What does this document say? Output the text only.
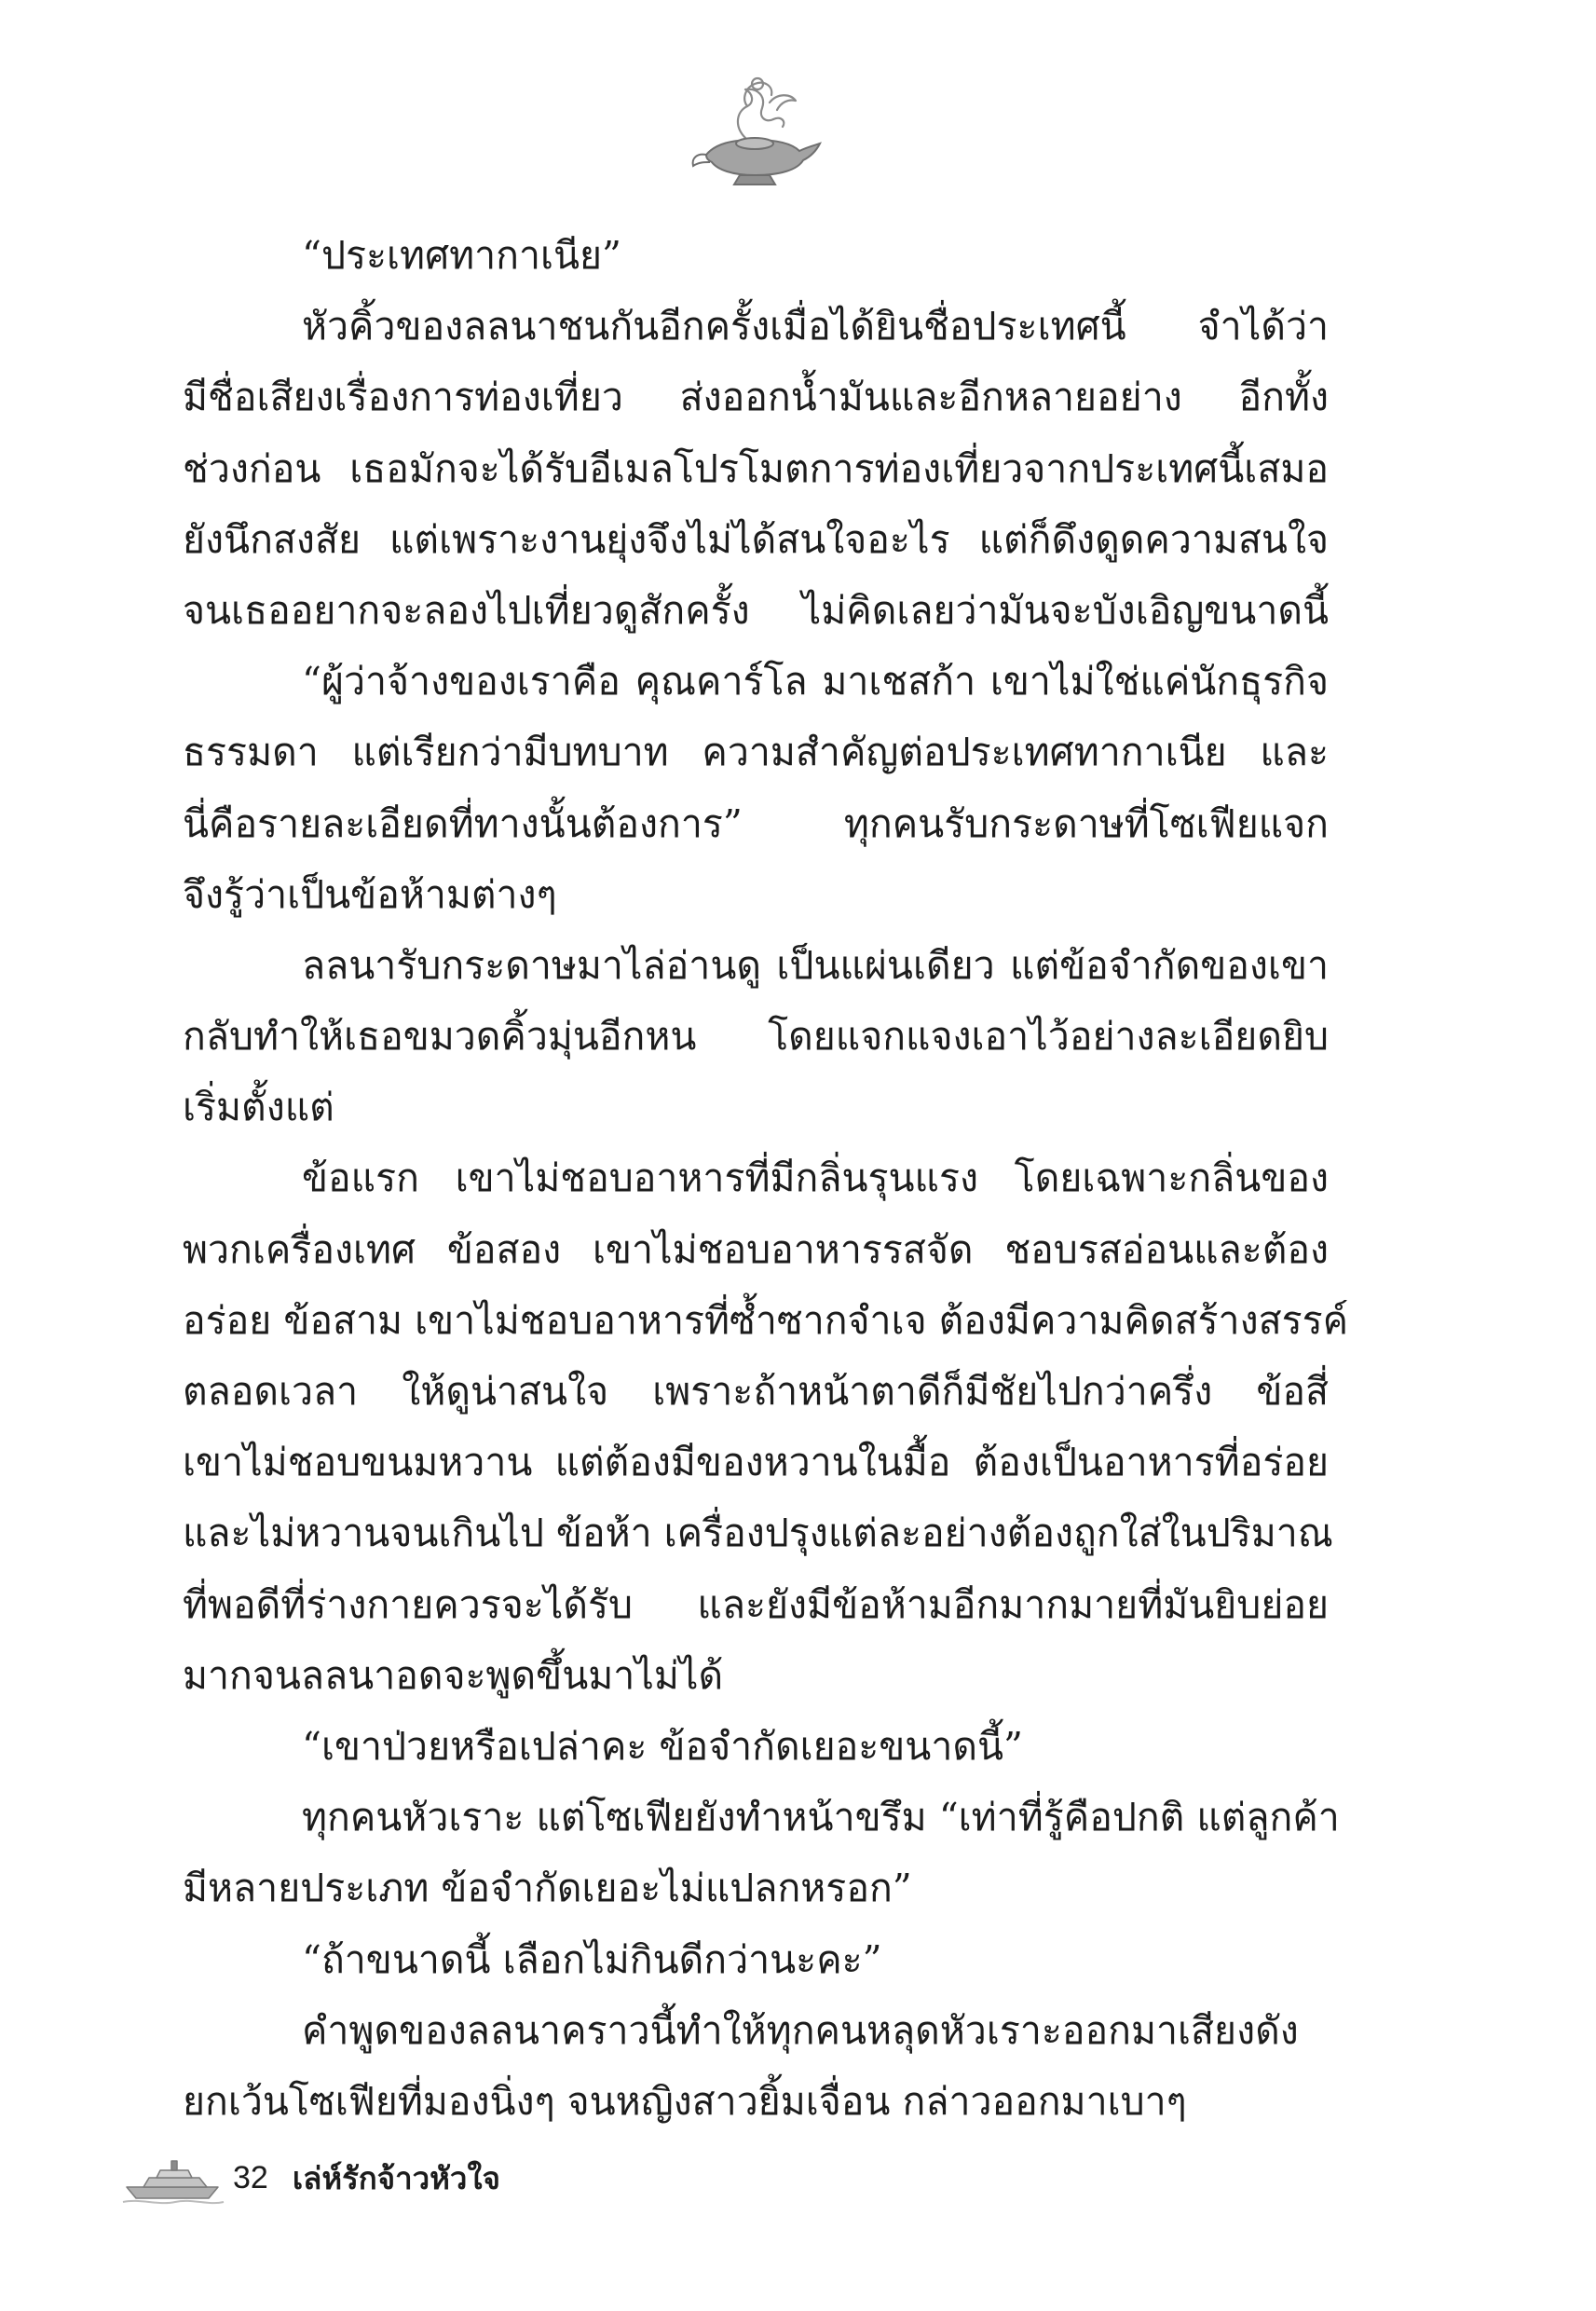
“ประเทศทากาเนีย”
หัวคิ้วของลลนาชนกันอีกครั้งเมื่อได้ยินชื่อประเทศนี้ จำได้ว่า
มีชื่อเสียงเรื่องการท่องเที่ยว ส่งออกน้ำมันและอีกหลายอย่าง อีกทั้ง
ช่วงก่อน เธอมักจะได้รับอีเมลโปรโมตการท่องเที่ยวจากประเทศนี้เสมอ
ยังนึกสงสัย แต่เพราะงานยุ่งจึงไม่ได้สนใจอะไร แต่ก็ดึงดูดความสนใจ
จนเธออยากจะลองไปเที่ยวดูสักครั้ง ไม่คิดเลยว่ามันจะบังเอิญขนาดนี้
“ผู้ว่าจ้างของเราคือ คุณคาร์โล มาเชสก้า เขาไม่ใช่แค่นักธุรกิจ
ธรรมดา แต่เรียกว่ามีบทบาท ความสำคัญต่อประเทศทากาเนีย และ
นี่คือรายละเอียดที่ทางนั้นต้องการ” ทุกคนรับกระดาษที่โซเฟียแจก
จึงรู้ว่าเป็นข้อห้ามต่างๆ
ลลนารับกระดาษมาไล่อ่านดู เป็นแผ่นเดียว แต่ข้อจำกัดของเขา
กลับทำให้เธอขมวดคิ้วมุ่นอีกหน โดยแจกแจงเอาไว้อย่างละเอียดยิบ
เริ่มตั้งแต่
ข้อแรก เขาไม่ชอบอาหารที่มีกลิ่นรุนแรง โดยเฉพาะกลิ่นของ
พวกเครื่องเทศ ข้อสอง เขาไม่ชอบอาหารรสจัด ชอบรสอ่อนและต้อง
อร่อย ข้อสาม เขาไม่ชอบอาหารที่ซ้ำซากจำเจ ต้องมีความคิดสร้างสรรค์
ตลอดเวลา ให้ดูน่าสนใจ เพราะถ้าหน้าตาดีก็มีชัยไปกว่าครึ่ง ข้อสี่
เขาไม่ชอบขนมหวาน แต่ต้องมีของหวานในมื้อ ต้องเป็นอาหารที่อร่อย
และไม่หวานจนเกินไป ข้อห้า เครื่องปรุงแต่ละอย่างต้องถูกใส่ในปริมาณ
ที่พอดีที่ร่างกายควรจะได้รับ และยังมีข้อห้ามอีกมากมายที่มันยิบย่อย
มากจนลลนาอดจะพูดขึ้นมาไม่ได้
“เขาป่วยหรือเปล่าคะ ข้อจำกัดเยอะขนาดนี้”
ทุกคนหัวเราะ แต่โซเฟียยังทำหน้าขรึม “เท่าที่รู้คือปกติ แต่ลูกค้า
มีหลายประเภท ข้อจำกัดเยอะไม่แปลกหรอก”
“ถ้าขนาดนี้ เลือกไม่กินดีกว่านะคะ”
คำพูดของลลนาคราวนี้ทำให้ทุกคนหลุดหัวเราะออกมาเสียงดัง
ยกเว้นโซเฟียที่มองนิ่งๆ จนหญิงสาวยิ้มเจื่อน กล่าวออกมาเบาๆ
32 เล่ห์รักจ้าวหัวใจ
